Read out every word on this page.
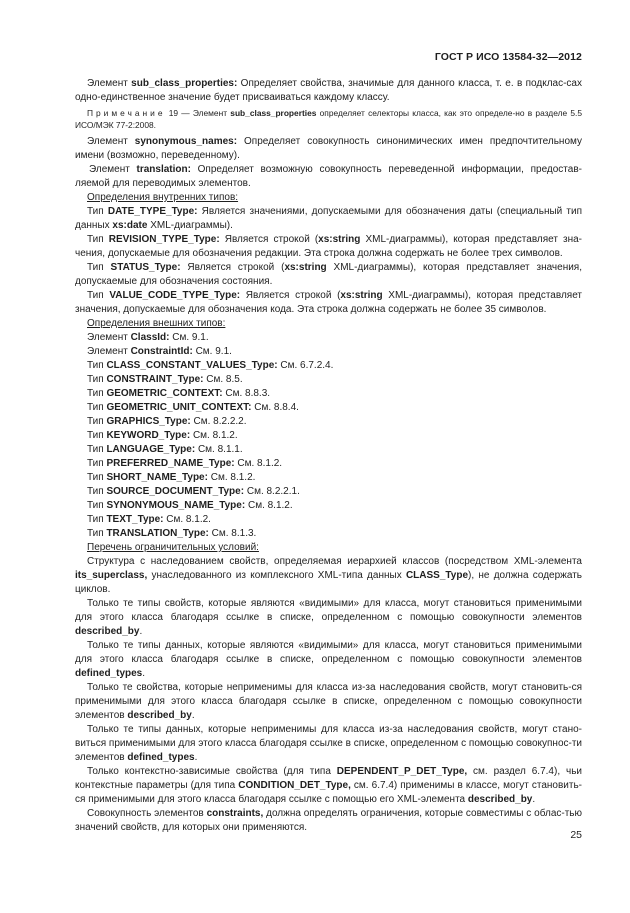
ГОСТ Р ИСО 13584-32—2012

Элемент sub_class_properties: Определяет свойства, значимые для данного класса, т. е. в подклас-сах одно-единственное значение будет присваиваться каждому классу.

Примечание 19 — Элемент sub_class_properties определяет селекторы класса, как это определе-но в разделе 5.5 ИСО/МЭК 77-2:2008.

Элемент synonymous_names: Определяет совокупность синонимических имен предпочтительному имени (возможно, переведенному).

Элемент translation: Определяет возможную совокупность переведенной информации, предостав-ляемой для переводимых элементов.

Определения внутренних типов:

Тип DATE_TYPE_Type: Является значениями, допускаемыми для обозначения даты (специальный тип данных xs:date XML-диаграммы).

Тип REVISION_TYPE_Type: Является строкой (xs:string XML-диаграммы), которая представляет зна-чения, допускаемые для обозначения редакции. Эта строка должна содержать не более трех символов.

Тип STATUS_Type: Является строкой (xs:string XML-диаграммы), которая представляет значения, допускаемые для обозначения состояния.

Тип VALUE_CODE_TYPE_Type: Является строкой (xs:string XML-диаграммы), которая представляет значения, допускаемые для обозначения кода. Эта строка должна содержать не более 35 символов.

Определения внешних типов:

Элемент ClassId: См. 9.1.

Элемент ConstraintId: См. 9.1.

Тип CLASS_CONSTANT_VALUES_Type: См. 6.7.2.4.

Тип CONSTRAINT_Type: См. 8.5.

Тип GEOMETRIC_CONTEXT: См. 8.8.3.

Тип GEOMETRIC_UNIT_CONTEXT: См. 8.8.4.

Тип GRAPHICS_Type: См. 8.2.2.2.

Тип KEYWORD_Type: См. 8.1.2.

Тип LANGUAGE_Type: См. 8.1.1.

Тип PREFERRED_NAME_Type: См. 8.1.2.

Тип SHORT_NAME_Type: См. 8.1.2.

Тип SOURCE_DOCUMENT_Type: См. 8.2.2.1.

Тип SYNONYMOUS_NAME_Type: См. 8.1.2.

Тип TEXT_Type: См. 8.1.2.

Тип TRANSLATION_Type: См. 8.1.3.

Перечень ограничительных условий:

Структура с наследованием свойств, определяемая иерархией классов (посредством XML-элемента its_superclass, унаследованного из комплексного XML-типа данных CLASS_Type), не должна содержать циклов.

Только те типы свойств, которые являются «видимыми» для класса, могут становиться применимыми для этого класса благодаря ссылке в списке, определенном с помощью совокупности элементов described_by.

Только те типы данных, которые являются «видимыми» для класса, могут становиться применимыми для этого класса благодаря ссылке в списке, определенном с помощью совокупности элементов defined_types.

Только те свойства, которые неприменимы для класса из-за наследования свойств, могут становить-ся применимыми для этого класса благодаря ссылке в списке, определенном с помощью совокупности элементов described_by.

Только те типы данных, которые неприменимы для класса из-за наследования свойств, могут стано-виться применимыми для этого класса благодаря ссылке в списке, определенном с помощью совокупнос-ти элементов defined_types.

Только контекстно-зависимые свойства (для типа DEPENDENT_P_DET_Type, см. раздел 6.7.4), чьи контекстные параметры (для типа CONDITION_DET_Type, см. 6.7.4) применимы в классе, могут становить-ся применимыми для этого класса благодаря ссылке с помощью его XML-элемента described_by.

Совокупность элементов constraints, должна определять ограничения, которые совместимы с облас-тью значений свойств, для которых они применяются.

25
